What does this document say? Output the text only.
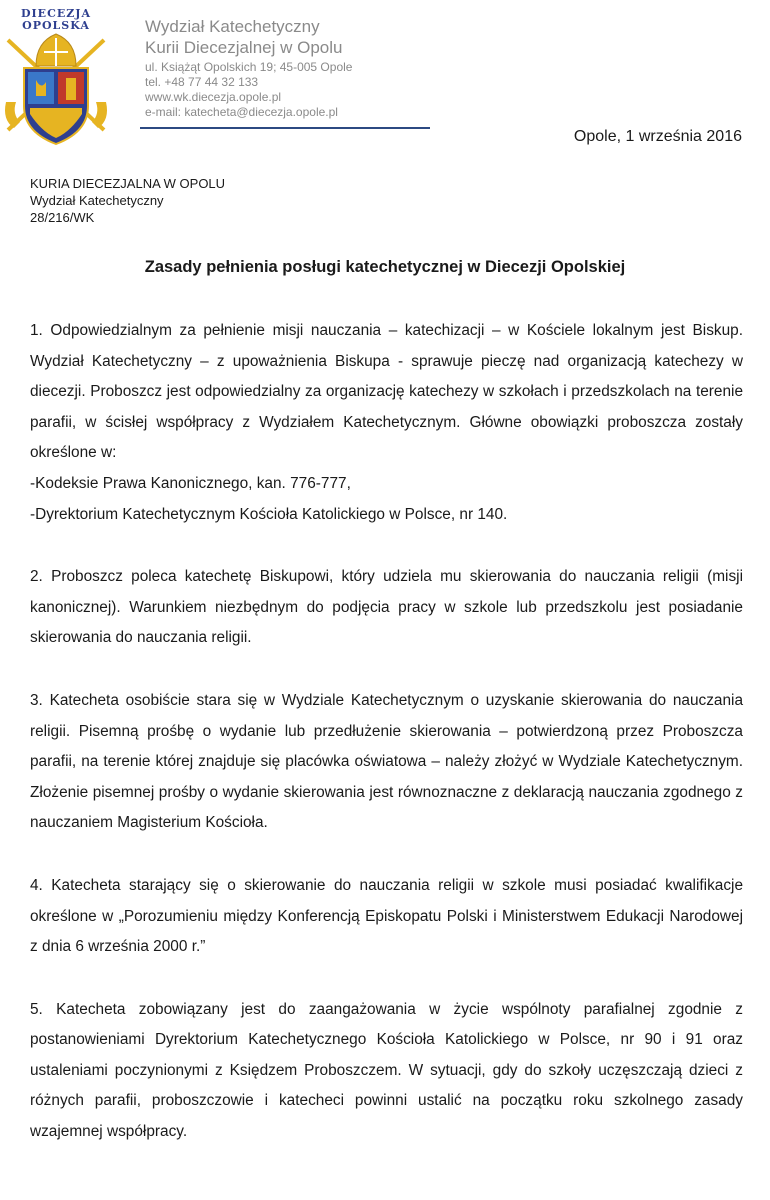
DIECEZJA
OPOLSKA	Wydział Katechetyczny
Kurii Diecezjalnej w Opolu
ul. Książąt Opolskich 19; 45-005 Opole
tel. +48 77 44 32 133
www.wk.diecezja.opole.pl
e-mail: katecheta@diecezja.opole.pl
Opole, 1 września 2016
KURIA DIECEZJALNA W OPOLU
Wydział Katechetyczny
28/216/WK
Zasady pełnienia posługi katechetycznej w Diecezji Opolskiej

1. Odpowiedzialnym za pełnienie misji nauczania – katechizacji – w Kościele lokalnym jest Biskup. Wydział Katechetyczny – z upoważnienia Biskupa - sprawuje pieczę nad organizacją katechezy w diecezji. Proboszcz jest odpowiedzialny za organizację katechezy w szkołach i przedszkolach na terenie parafii, w ścisłej współpracy z Wydziałem Katechetycznym. Główne obowiązki proboszcza zostały określone w:
-Kodeksie Prawa Kanonicznego, kan. 776-777,
-Dyrektorium Katechetycznym Kościoła Katolickiego w Polsce, nr 140.

2. Proboszcz poleca katechetę Biskupowi, który udziela mu skierowania do nauczania religii (misji kanonicznej). Warunkiem niezbędnym do podjęcia pracy w szkole lub przedszkolu jest posiadanie skierowania do nauczania religii.

3. Katecheta osobiście stara się w Wydziale Katechetycznym o uzyskanie skierowania do nauczania religii. Pisemną prośbę o wydanie lub przedłużenie skierowania – potwierdzoną przez Proboszcza parafii, na terenie której znajduje się placówka oświatowa – należy złożyć w Wydziale Katechetycznym. Złożenie pisemnej prośby o wydanie skierowania jest równoznaczne z deklaracją nauczania zgodnego z nauczaniem Magisterium Kościoła.

4. Katecheta starający się o skierowanie do nauczania religii w szkole musi posiadać kwalifikacje określone w „Porozumieniu między Konferencją Episkopatu Polski i Ministerstwem Edukacji Narodowej z dnia 6 września 2000 r.”

5. Katecheta zobowiązany jest do zaangażowania w życie wspólnoty parafialnej zgodnie z postanowieniami Dyrektorium Katechetycznego Kościoła Katolickiego w Polsce, nr 90 i 91 oraz ustaleniami poczynionymi z Księdzem Proboszczem. W sytuacji, gdy do szkoły uczęszczają dzieci z różnych parafii, proboszczowie i katecheci powinni ustalić na początku roku szkolnego zasady wzajemnej współpracy.
